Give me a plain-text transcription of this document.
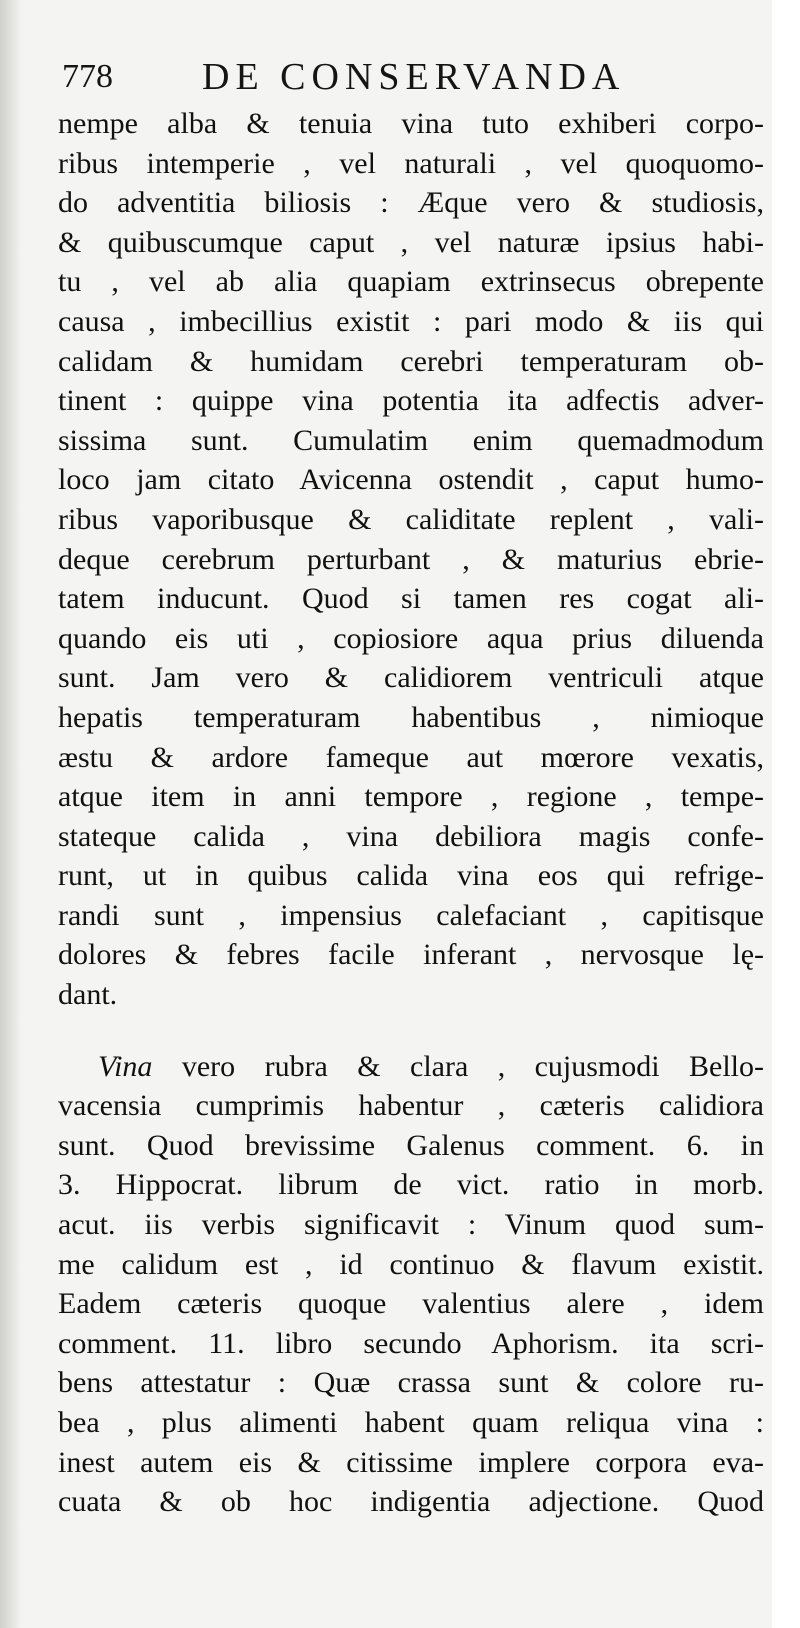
778 DE CONSERVANDA
nempe alba & tenuia vina tuto exhiberi corpo-
ribus intemperie , vel naturali , vel quoquomo-
do adventitia biliosis : Æque vero & studiosis,
& quibuscumque caput , vel naturæ ipsius habi-
tu , vel ab alia quapiam extrinsecus obrepente
causa , imbecillius existit : pari modo & iis qui
calidam & humidam cerebri temperaturam ob-
tinent : quippe vina potentia ita adfectis adver-
sissima sunt. Cumulatim enim quemadmodum
loco jam citato Avicenna ostendit , caput humo-
ribus vaporibusque & caliditate replent , vali-
deque cerebrum perturbant , & maturius ebrie-
tatem inducunt. Quod si tamen res cogat ali-
quando eis uti , copiosiore aqua prius diluenda
sunt. Jam vero & calidiorem ventriculi atque
hepatis temperaturam habentibus , nimioque
æstu & ardore fameque aut mœrore vexatis,
atque item in anni tempore , regione , tempe-
stateque calida , vina debiliora magis confe-
runt, ut in quibus calida vina eos qui refrige-
randi sunt , impensius calefaciant , capitisque
dolores & febres facile inferant , nervosque lę-
dant.
Vina vero rubra & clara , cujusmodi Bello-
vacensia cumprimis habentur , cæteris calidiora
sunt. Quod brevissime Galenus comment. 6. in
3. Hippocrat. librum de vict. ratio in morb.
acut. iis verbis significavit : Vinum quod sum-
me calidum est , id continuo & flavum existit.
Eadem cæteris quoque valentius alere , idem
comment. 11. libro secundo Aphorism. ita scri-
bens attestatur : Quæ crassa sunt & colore ru-
bea , plus alimenti habent quam reliqua vina :
inest autem eis & citissime implere corpora eva-
cuata & ob hoc indigentia adjectione. Quod
